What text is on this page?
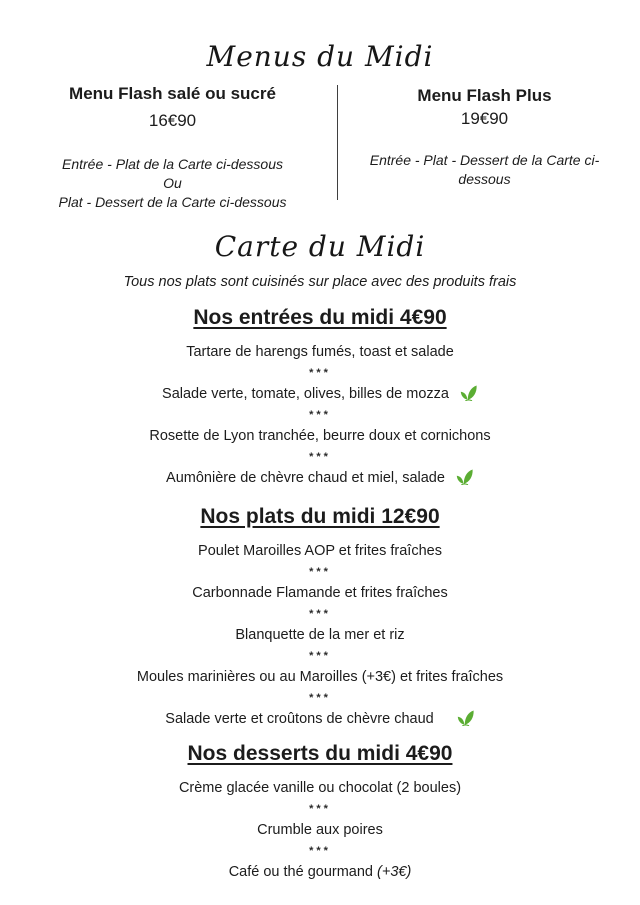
Menus du Midi
Menu Flash salé ou sucré
16€90
Entrée - Plat de la Carte ci-dessous
Ou
Plat - Dessert de la Carte ci-dessous
Menu Flash Plus
19€90
Entrée - Plat - Dessert de la Carte ci-dessous
Carte du Midi
Tous nos plats sont cuisinés sur place avec des produits frais
Nos entrées du midi 4€90
Tartare de harengs fumés, toast et salade
***
Salade verte, tomate, olives, billes de mozza
***
Rosette de Lyon tranchée, beurre doux et cornichons
***
Aumônière de chèvre chaud et miel, salade
Nos plats du midi 12€90
Poulet Maroilles AOP et frites fraîches
***
Carbonnade Flamande et frites fraîches
***
Blanquette de la mer et riz
***
Moules marinières ou au Maroilles (+3€) et frites fraîches
***
Salade verte et croûtons de chèvre chaud
Nos desserts du midi 4€90
Crème glacée vanille ou chocolat (2 boules)
***
Crumble aux poires
***
Café ou thé gourmand (+3€)
